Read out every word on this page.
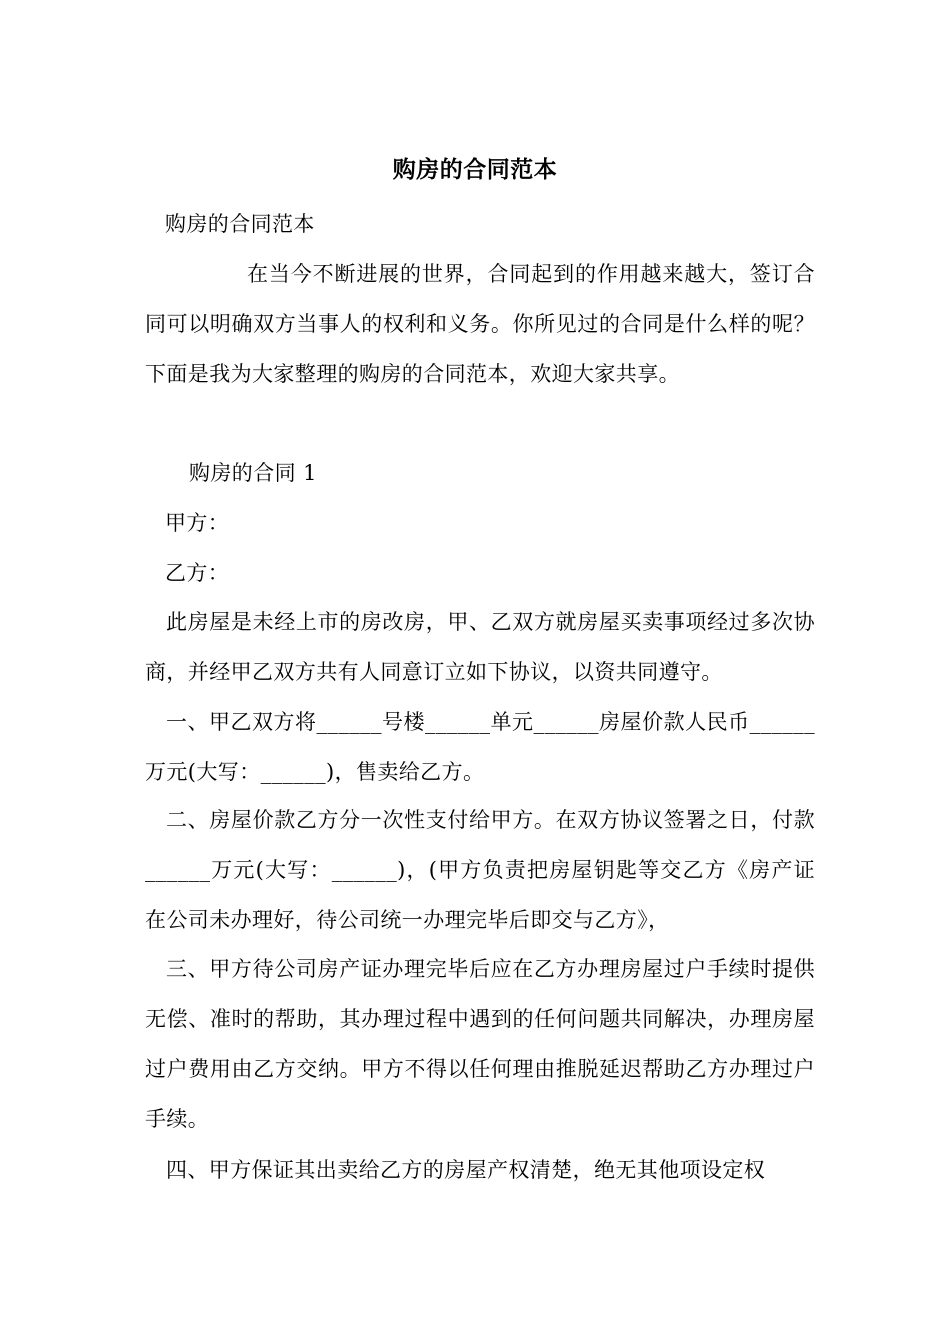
购房的合同范本
购房的合同范本
在当今不断进展的世界，合同起到的作用越来越大，签订合同可以明确双方当事人的权利和义务。你所见过的合同是什么样的呢？下面是我为大家整理的购房的合同范本，欢迎大家共享。
购房的合同 1
甲方：
乙方：
此房屋是未经上市的房改房，甲、乙双方就房屋买卖事项经过多次协商，并经甲乙双方共有人同意订立如下协议，以资共同遵守。
一、甲乙双方将______号楼______单元______房屋价款人民币______万元(大写：______)，售卖给乙方。
二、房屋价款乙方分一次性支付给甲方。在双方协议签署之日，付款______万元(大写：______)，(甲方负责把房屋钥匙等交乙方《房产证在公司未办理好，待公司统一办理完毕后即交与乙方》，
三、甲方待公司房产证办理完毕后应在乙方办理房屋过户手续时提供无偿、准时的帮助，其办理过程中遇到的任何问题共同解决，办理房屋过户费用由乙方交纳。甲方不得以任何理由推脱延迟帮助乙方办理过户手续。
四、甲方保证其出卖给乙方的房屋产权清楚，绝无其他项设定权
